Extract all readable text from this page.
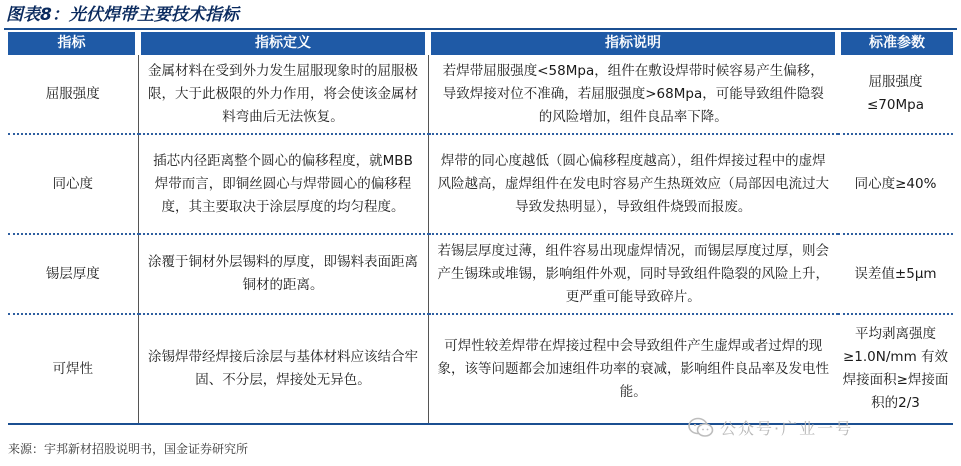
图表8：光伏焊带主要技术指标
指标	指标定义	指标说明	标准参数
屈服强度	金属材料在受到外力发生屈服现象时的屈服极限，大于此极限的外力作用，将会使该金属材料弯曲后无法恢复。	若焊带屈服强度<58Mpa，组件在敷设焊带时候容易产生偏移，导致焊接对位不准确，若屈服强度>68Mpa，可能导致组件隐裂的风险增加，组件良品率下降。	屈服强度≤70Mpa
同心度	插芯内径距离整个圆心的偏移程度，就MBB焊带而言，即铜丝圆心与焊带圆心的偏移程度，其主要取决于涂层厚度的均匀程度。	焊带的同心度越低（圆心偏移程度越高），组件焊接过程中的虚焊风险越高，虚焊组件在发电时容易产生热斑效应（局部因电流过大导致发热明显），导致组件烧毁而报废。	同心度≥40%
锡层厚度	涂覆于铜材外层锡料的厚度，即锡料表面距离铜材的距离。	若锡层厚度过薄，组件容易出现虚焊情况，而锡层厚度过厚，则会产生锡珠或堆锡，影响组件外观，同时导致组件隐裂的风险上升，更严重可能导致碎片。	误差值±5μm
可焊性	涂锡焊带经焊接后涂层与基体材料应该结合牢固、不分层，焊接处无异色。	可焊性较差焊带在焊接过程中会导致组件产生虚焊或者过焊的现象，该等问题都会加速组件功率的衰减，影响组件良品率及发电性能。	平均剥离强度≥1.0N/mm 有效焊接面积≥焊接面积的2/3
来源：宇邦新材招股说明书，国金证券研究所
公众号·广业一号
